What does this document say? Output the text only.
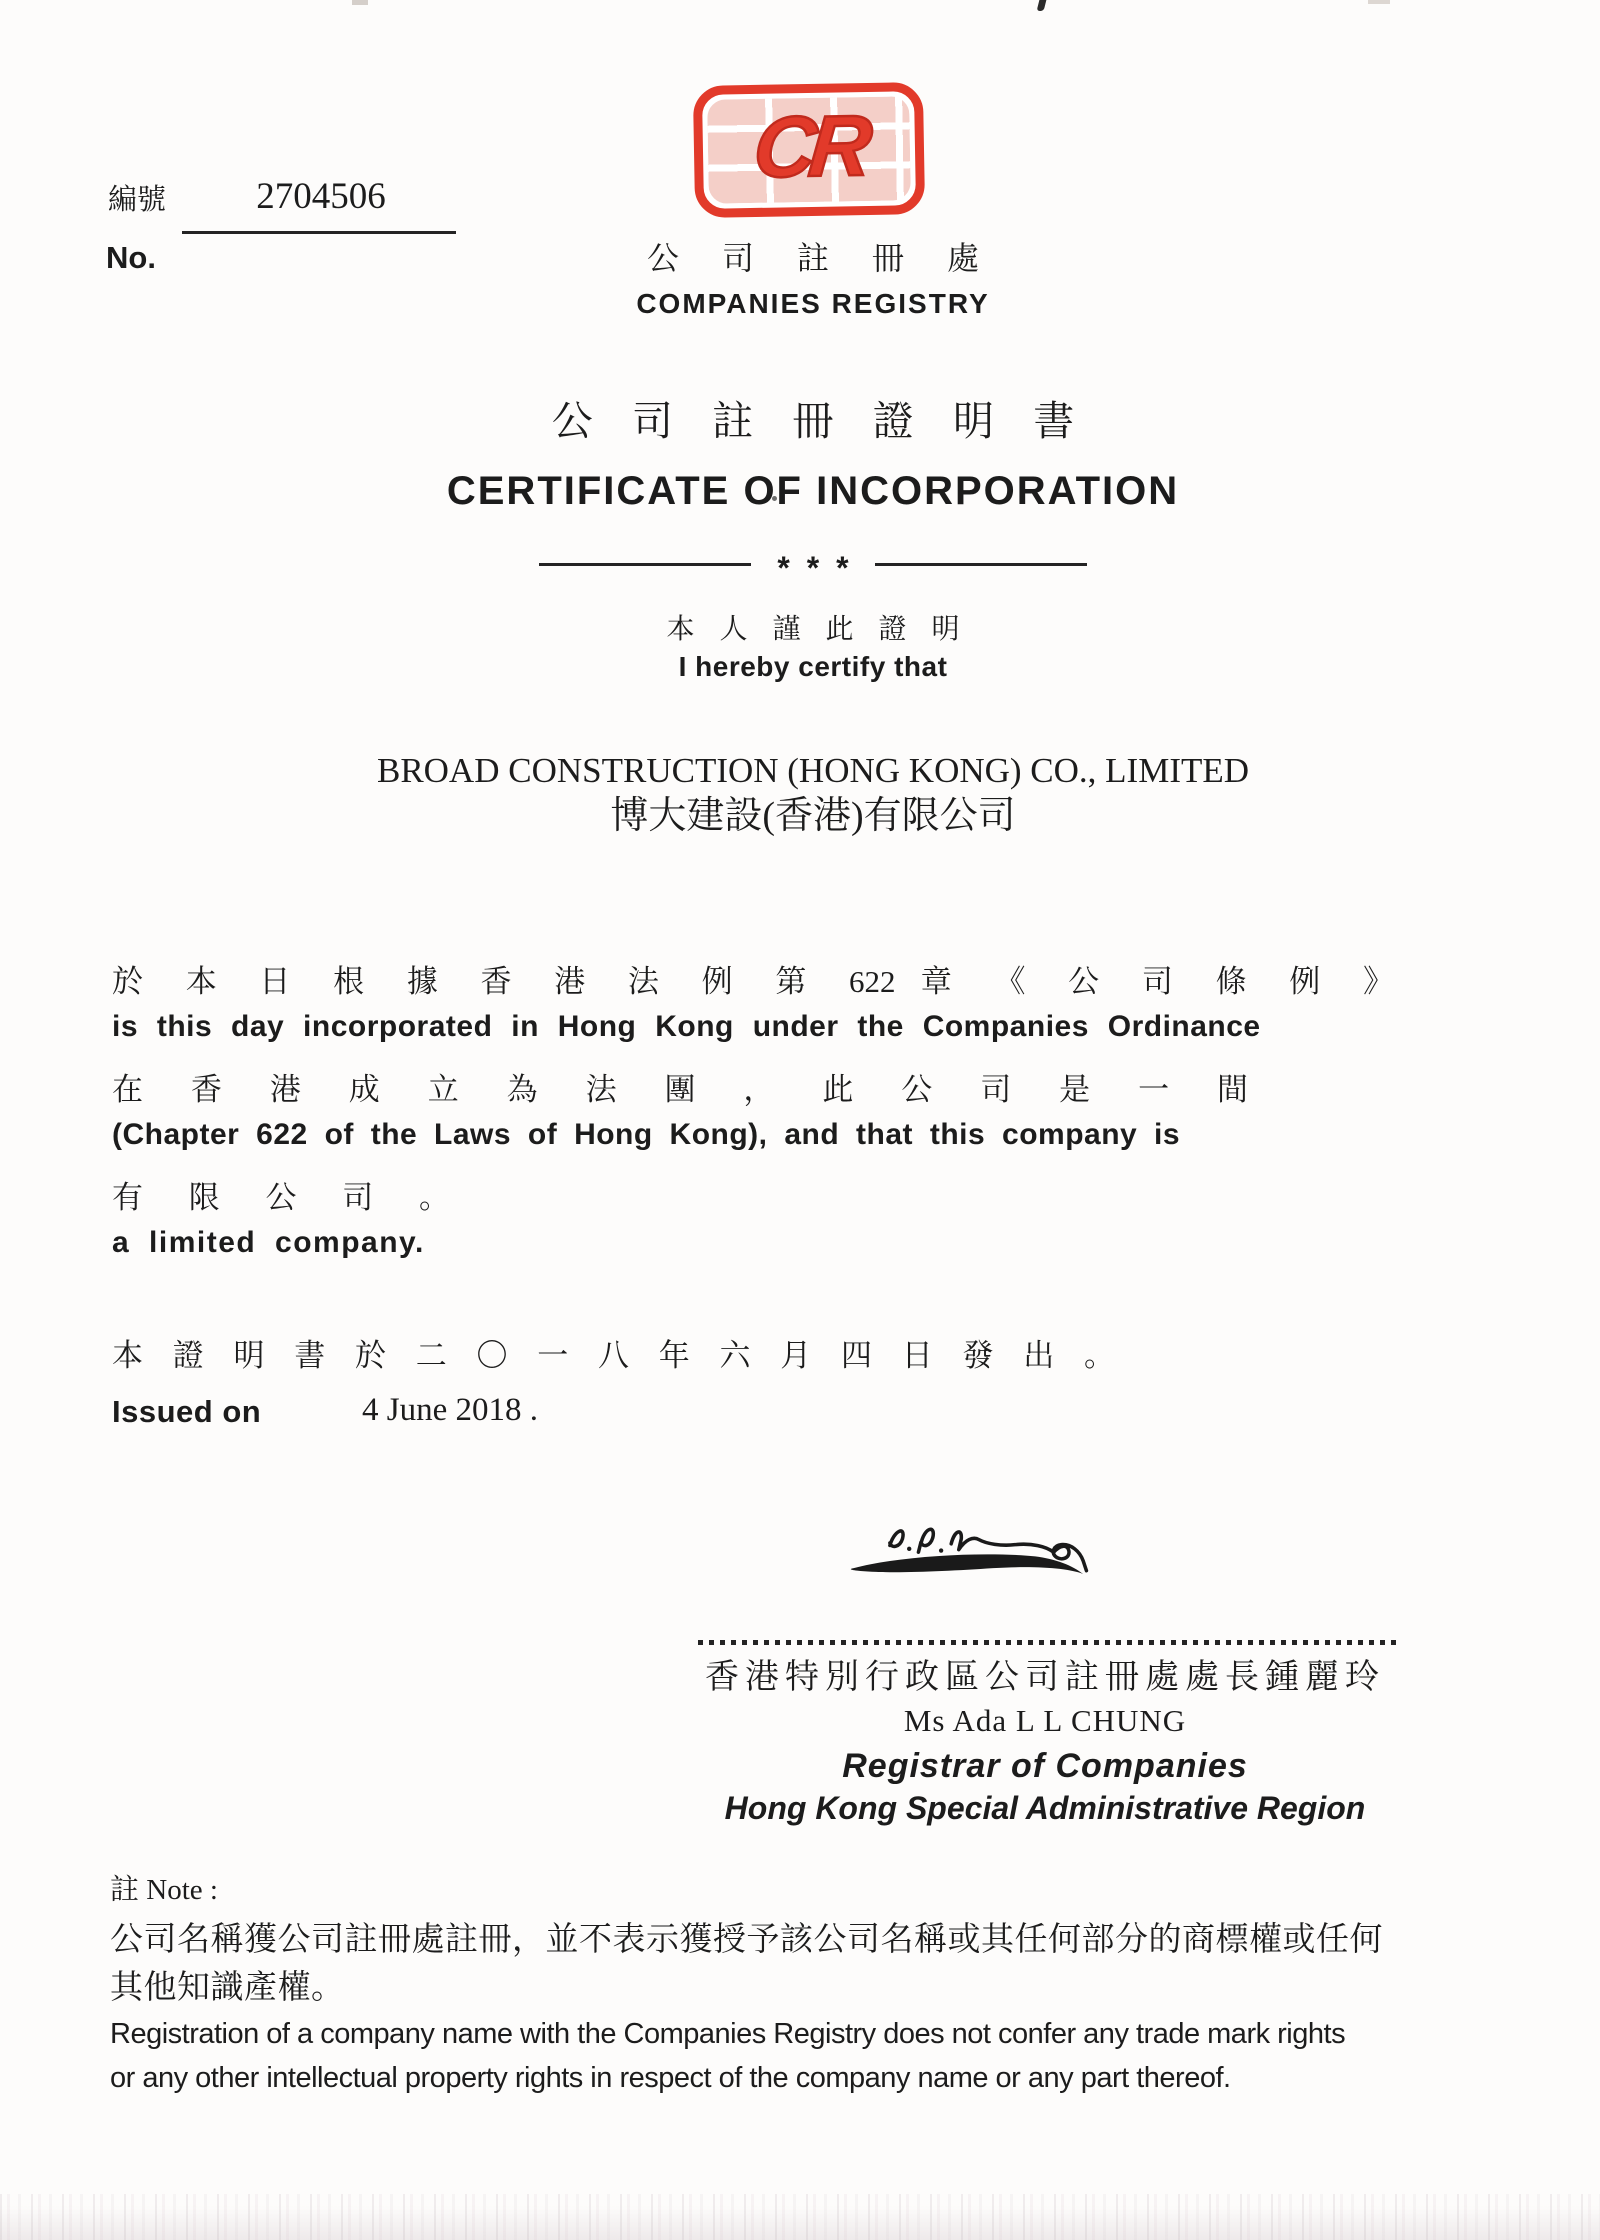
編號	2704506
No.
CR
公 司 註 冊 處
COMPANIES REGISTRY
公 司 註 冊 證 明 書
CERTIFICATE OF INCORPORATION
* * *
本 人 謹 此 證 明
I hereby certify that
BROAD CONSTRUCTION (HONG KONG) CO., LIMITED
博大建設(香港)有限公司
於 本 日 根 據 香 港 法 例 第 622 章 《 公 司 條 例 》
is this day incorporated in Hong Kong under the Companies Ordinance
在 香 港 成 立 為 法 團 ， 此 公 司 是 一 間
(Chapter 622 of the Laws of Hong Kong), and that this company is
有 限 公 司 。
a limited company.
本 證 明 書 於 二 〇 一 八 年 六 月 四 日 發 出 。
Issued on	4 June 2018 .
香港特別行政區公司註冊處處長鍾麗玲
Ms Ada L L CHUNG
Registrar of Companies
Hong Kong Special Administrative Region
註 Note :
公司名稱獲公司註冊處註冊，並不表示獲授予該公司名稱或其任何部分的商標權或任何
其他知識產權。
Registration of a company name with the Companies Registry does not confer any trade mark rights
or any other intellectual property rights in respect of the company name or any part thereof.
